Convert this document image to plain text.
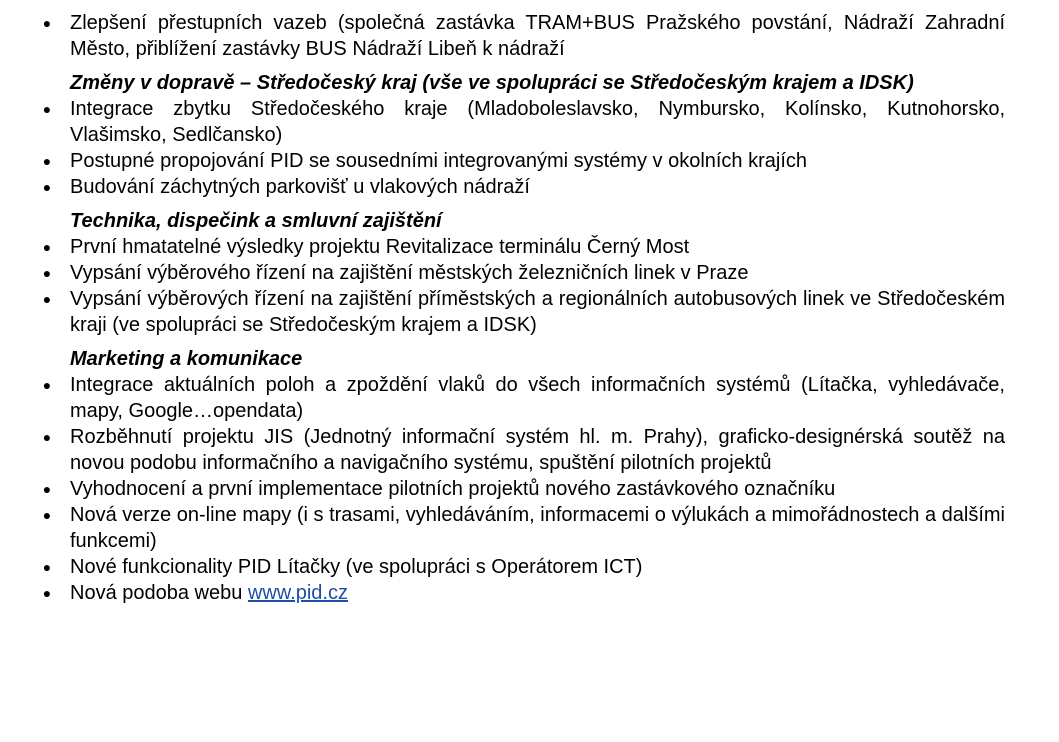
● Zlepšení přestupních vazeb (společná zastávka TRAM+BUS Pražského povstání, Nádraží Zahradní Město, přiblížení zastávky BUS Nádraží Libeň k nádraží
Změny v dopravě – Středočeský kraj (vše ve spolupráci se Středočeským krajem a IDSK)
● Integrace zbytku Středočeského kraje (Mladoboleslavsko, Nymbursko, Kolínsko, Kutnohorsko, Vlašimsko, Sedlčansko)
● Postupné propojování PID se sousedními integrovanými systémy v okolních krajích
● Budování záchytných parkovišť u vlakových nádraží
Technika, dispečink a smluvní zajištění
● První hmatatelné výsledky projektu Revitalizace terminálu Černý Most
● Vypsání výběrového řízení na zajištění městských železničních linek v Praze
● Vypsání výběrových řízení na zajištění příměstských a regionálních autobusových linek ve Středočeském kraji (ve spolupráci se Středočeským krajem a IDSK)
Marketing a komunikace
● Integrace aktuálních poloh a zpoždění vlaků do všech informačních systémů (Lítačka, vyhledávače, mapy, Google…opendata)
● Rozběhnutí projektu JIS (Jednotný informační systém hl. m. Prahy), graficko-designérská soutěž na novou podobu informačního a navigačního systému, spuštění pilotních projektů
● Vyhodnocení a první implementace pilotních projektů nového zastávkového označníku
● Nová verze on-line mapy (i s trasami, vyhledáváním, informacemi o výlukách a mimořádnostech a dalšími funkcemi)
● Nové funkcionality PID Lítačky (ve spolupráci s Operátorem ICT)
● Nová podoba webu www.pid.cz
